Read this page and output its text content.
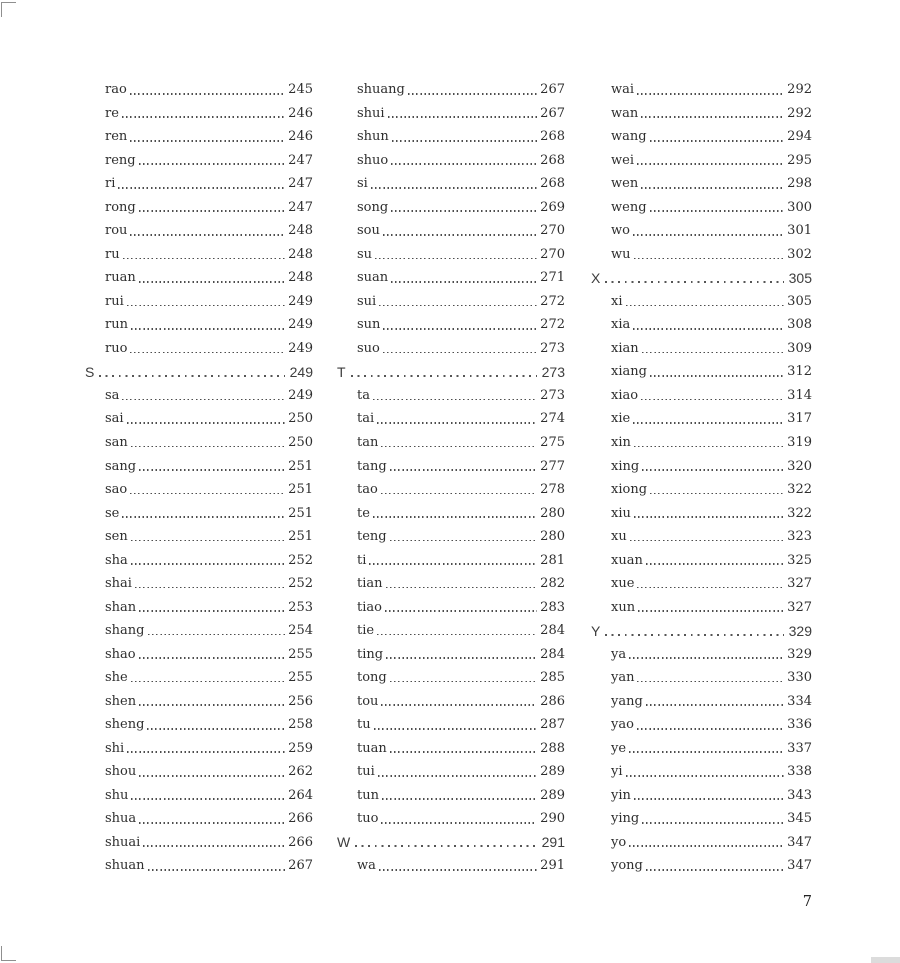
rao	245
re	246
ren	246
reng	247
ri	247
rong	247
rou	248
ru	248
ruan	248
rui	249
run	249
ruo	249
S	249
sa	249
sai	250
san	250
sang	251
sao	251
se	251
sen	251
sha	252
shai	252
shan	253
shang	254
shao	255
she	255
shen	256
sheng	258
shi	259
shou	262
shu	264
shua	266
shuai	266
shuan	267
shuang	267
shui	267
shun	268
shuo	268
si	268
song	269
sou	270
su	270
suan	271
sui	272
sun	272
suo	273
T	273
ta	273
tai	274
tan	275
tang	277
tao	278
te	280
teng	280
ti	281
tian	282
tiao	283
tie	284
ting	284
tong	285
tou	286
tu	287
tuan	288
tui	289
tun	289
tuo	290
W	291
wa	291
wai	292
wan	292
wang	294
wei	295
wen	298
weng	300
wo	301
wu	302
X	305
xi	305
xia	308
xian	309
xiang	312
xiao	314
xie	317
xin	319
xing	320
xiong	322
xiu	322
xu	323
xuan	325
xue	327
xun	327
Y	329
ya	329
yan	330
yang	334
yao	336
ye	337
yi	338
yin	343
ying	345
yo	347
yong	347
7
